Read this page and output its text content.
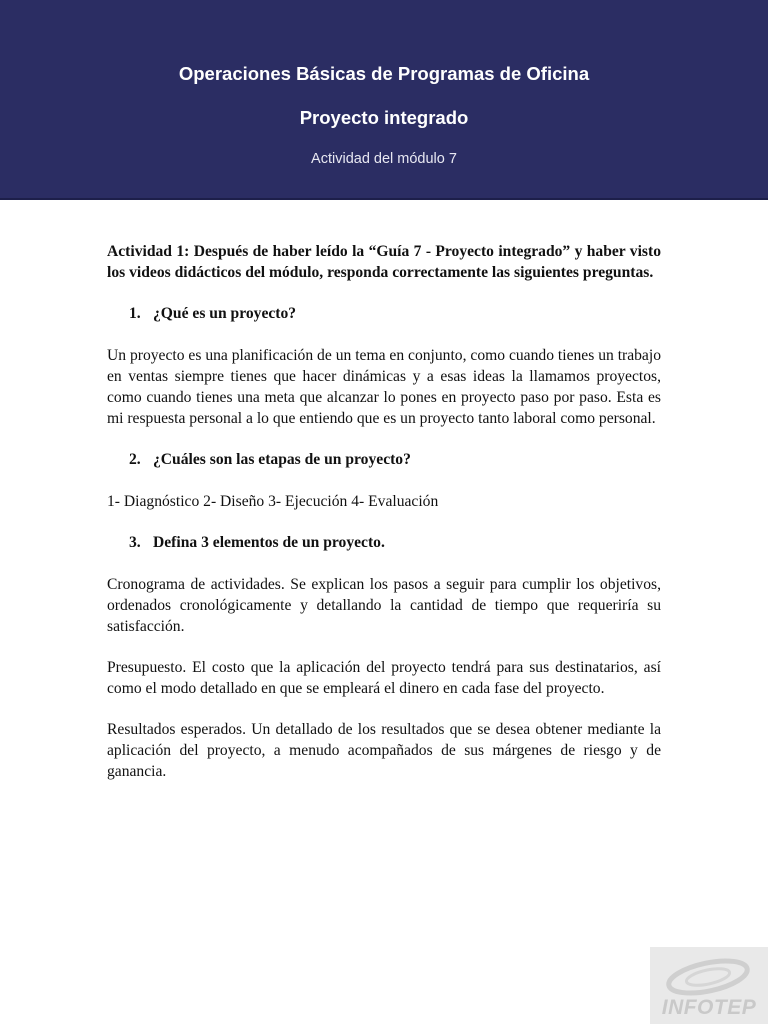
Operaciones Básicas de Programas de Oficina
Proyecto integrado
Actividad del módulo 7

Actividad 1: Después de haber leído la “Guía 7 - Proyecto integrado” y haber visto los videos didácticos del módulo, responda correctamente las siguientes preguntas.

1. ¿Qué es un proyecto?

Un proyecto es una planificación de un tema en conjunto, como cuando tienes un trabajo en ventas siempre tienes que hacer dinámicas y a esas ideas la llamamos proyectos, como cuando tienes una meta que alcanzar lo pones en proyecto paso por paso. Esta es mi respuesta personal a lo que entiendo que es un proyecto tanto laboral como personal.

2. ¿Cuáles son las etapas de un proyecto?

1- Diagnóstico 2- Diseño 3- Ejecución 4- Evaluación

3. Defina 3 elementos de un proyecto.

Cronograma de actividades. Se explican los pasos a seguir para cumplir los objetivos, ordenados cronológicamente y detallando la cantidad de tiempo que requeriría su satisfacción.

Presupuesto. El costo que la aplicación del proyecto tendrá para sus destinatarios, así como el modo detallado en que se empleará el dinero en cada fase del proyecto.

Resultados esperados. Un detallado de los resultados que se desea obtener mediante la aplicación del proyecto, a menudo acompañados de sus márgenes de riesgo y de ganancia.

INFOTEP
